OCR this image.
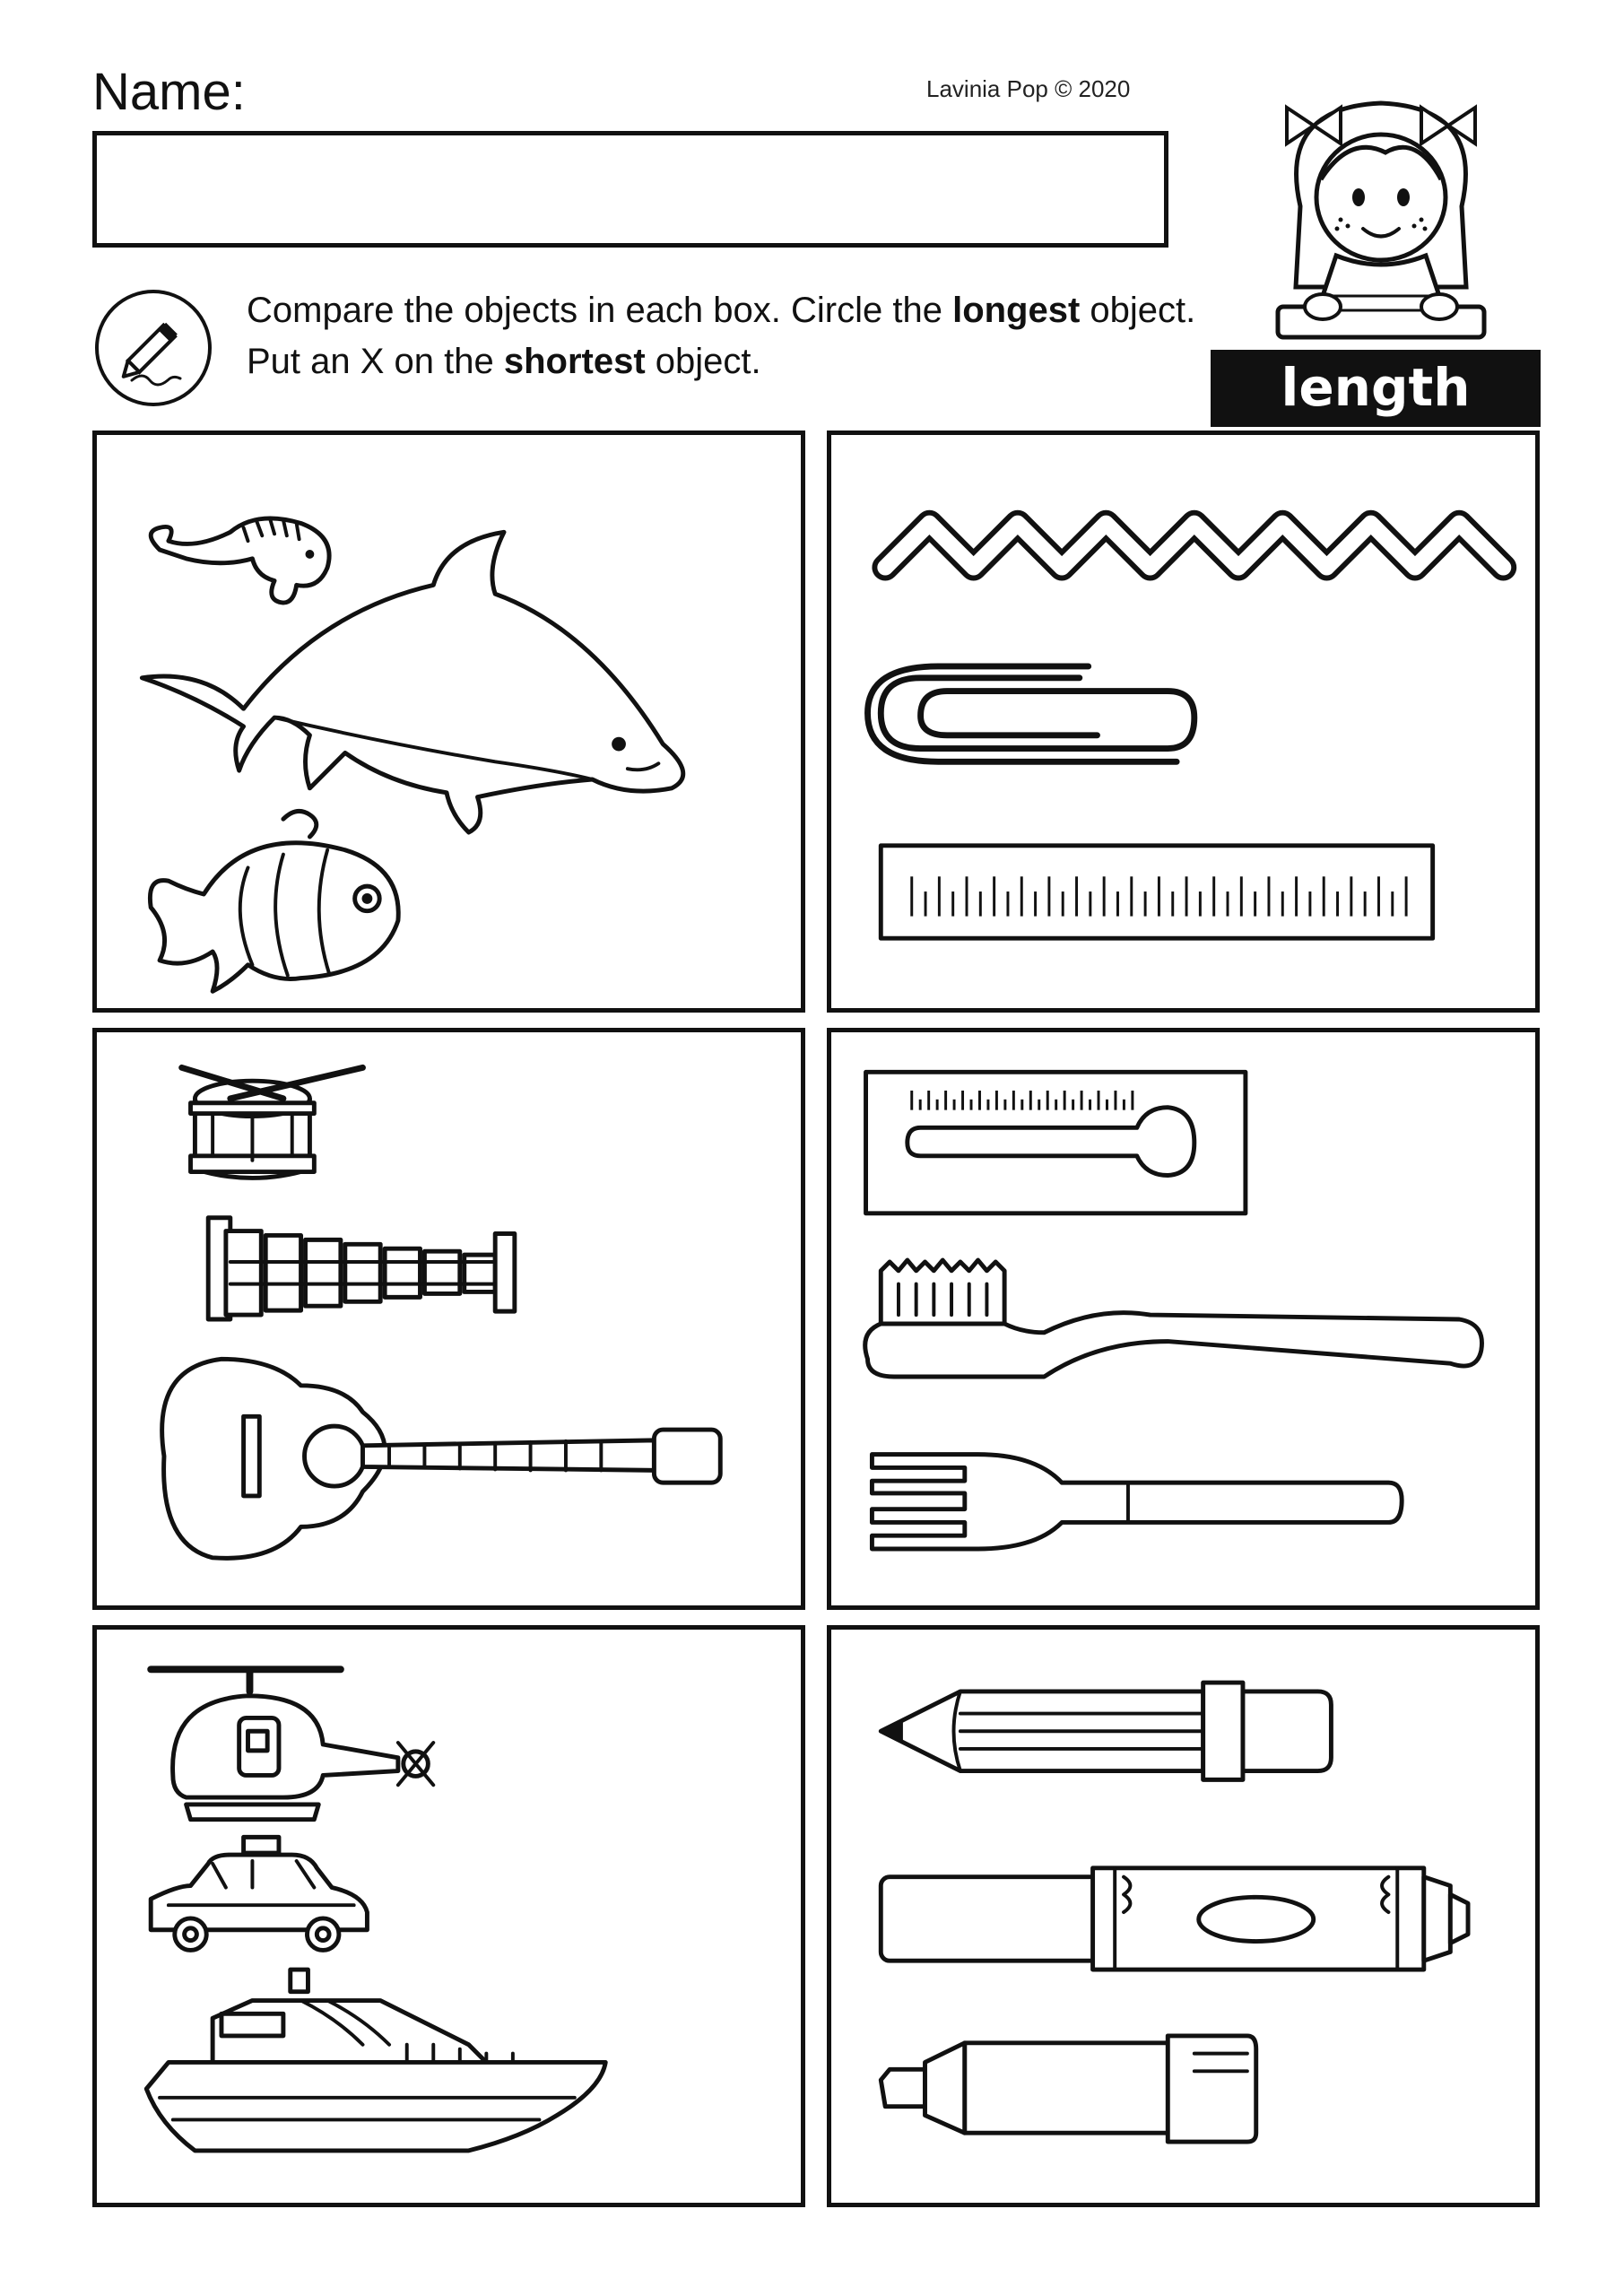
Name:	Lavinia Pop © 2020
Compare the objects in each box. Circle the longest object. Put an X on the shortest object.	length
